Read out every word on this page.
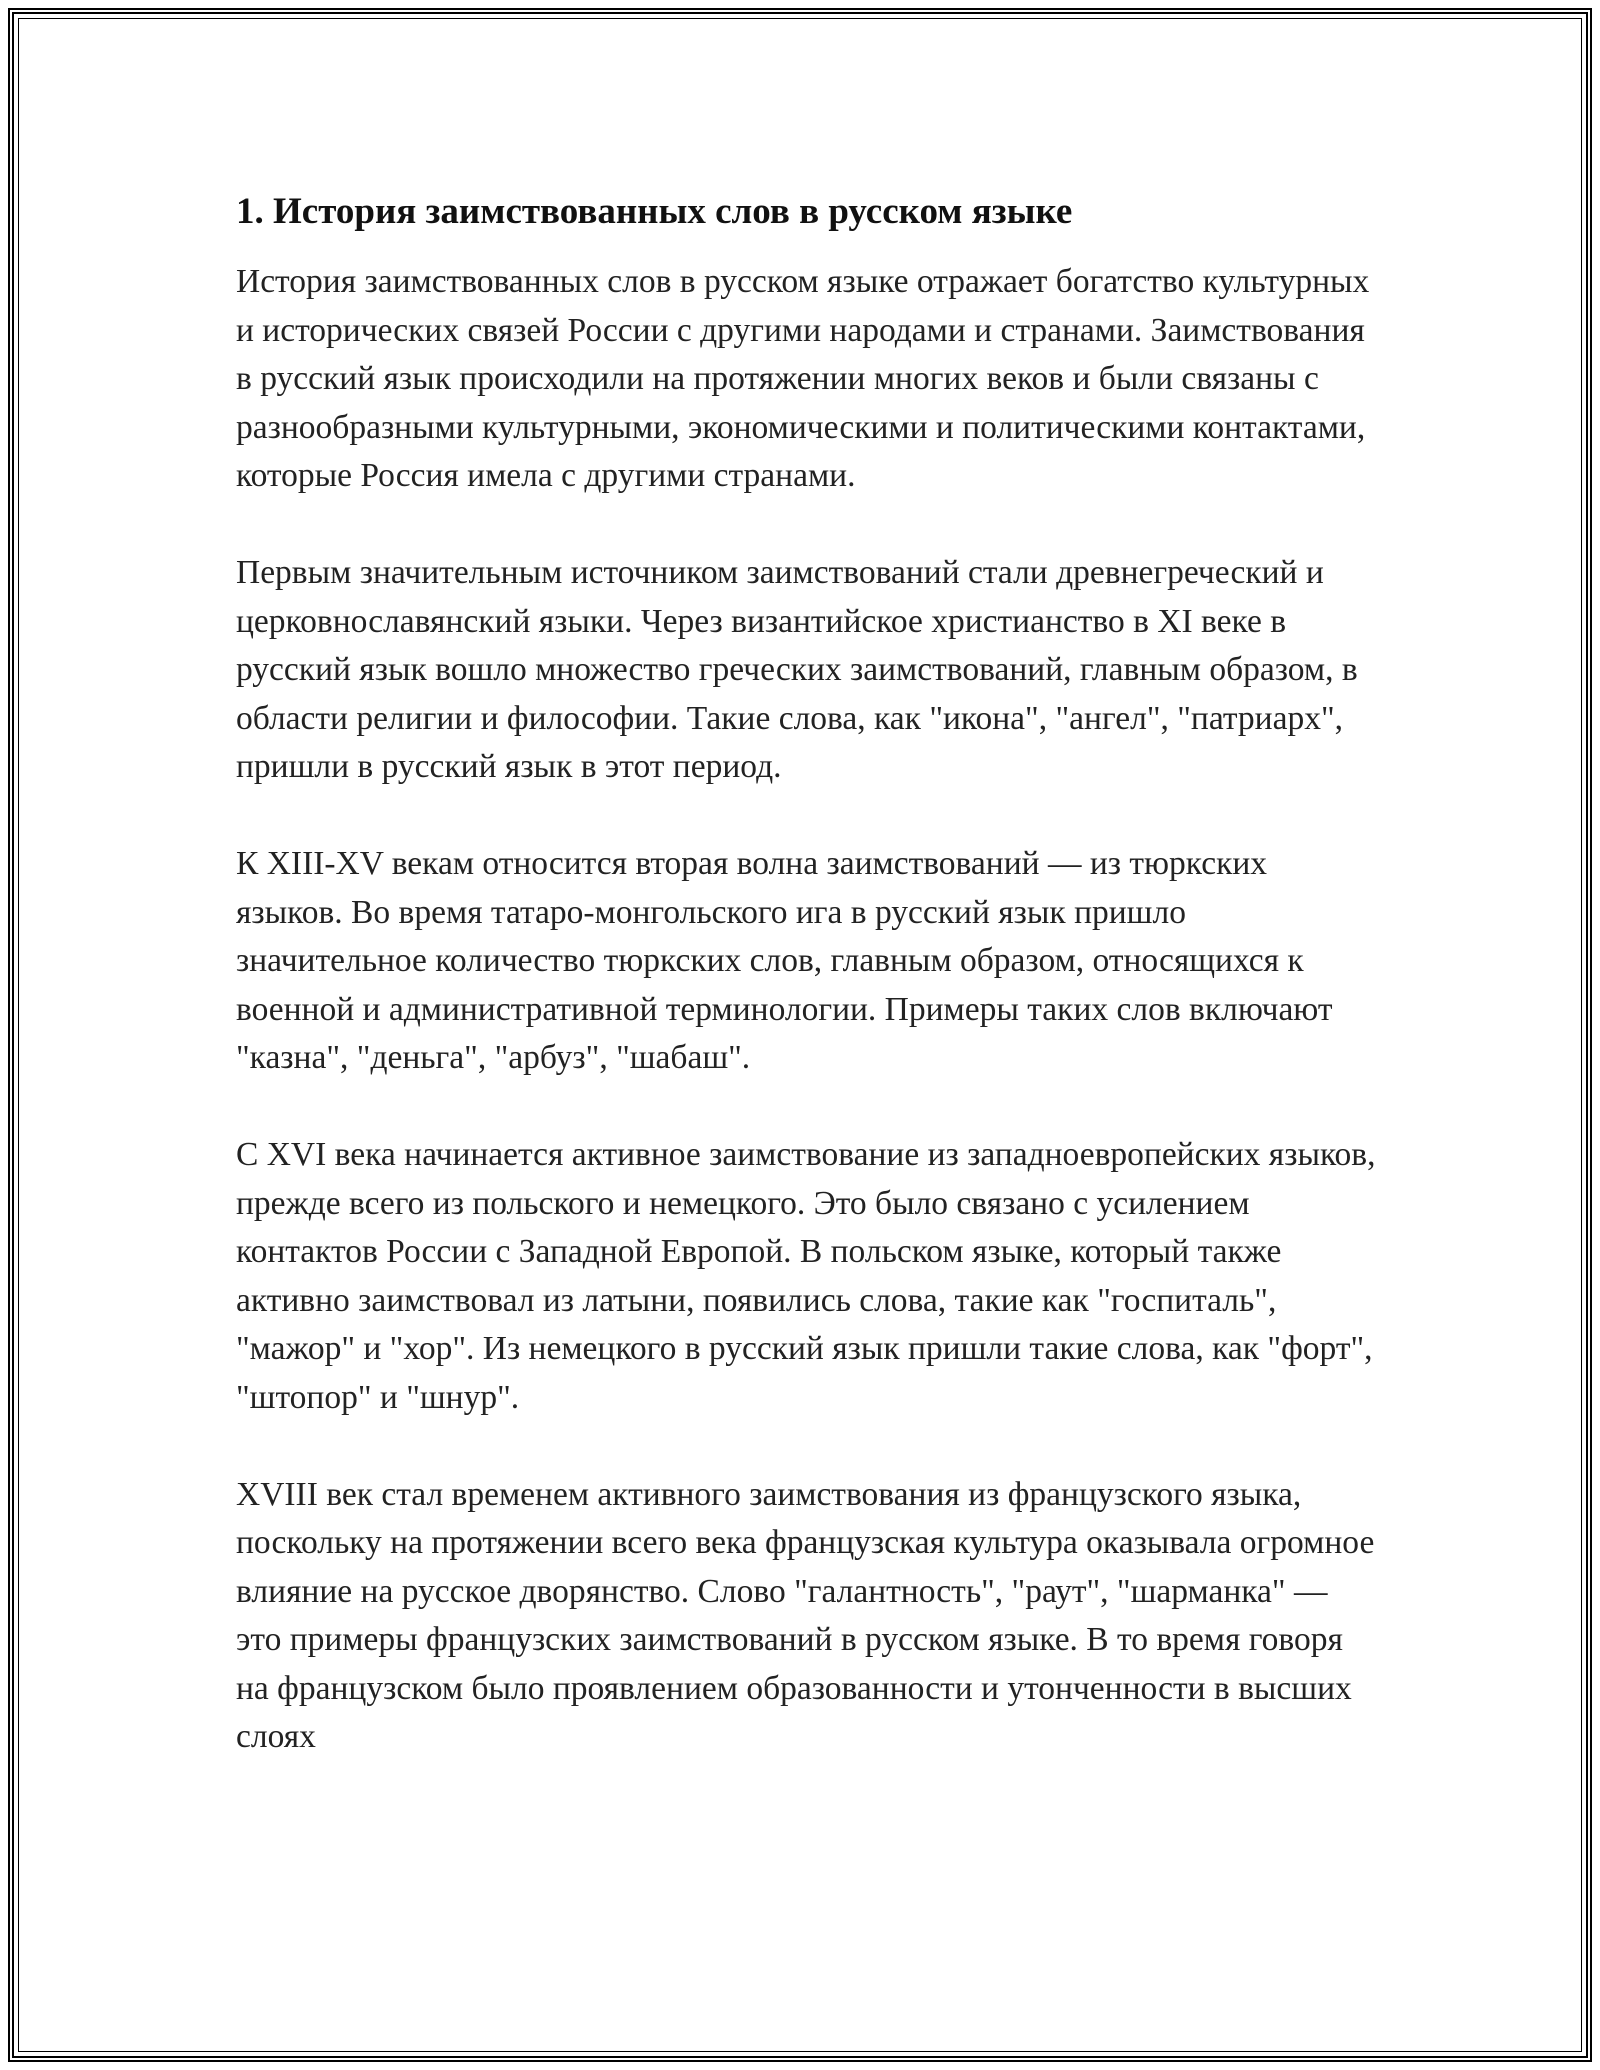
1. История заимствованных слов в русском языке

История заимствованных слов в русском языке отражает богатство культурных и исторических связей России с другими народами и странами. Заимствования в русский язык происходили на протяжении многих веков и были связаны с разнообразными культурными, экономическими и политическими контактами, которые Россия имела с другими странами.

Первым значительным источником заимствований стали древнегреческий и церковнославянский языки. Через византийское христианство в XI веке в русский язык вошло множество греческих заимствований, главным образом, в области религии и философии. Такие слова, как "икона", "ангел", "патриарх", пришли в русский язык в этот период.

К XIII-XV векам относится вторая волна заимствований — из тюркских языков. Во время татаро-монгольского ига в русский язык пришло значительное количество тюркских слов, главным образом, относящихся к военной и административной терминологии. Примеры таких слов включают "казна", "деньга", "арбуз", "шабаш".

С XVI века начинается активное заимствование из западноевропейских языков, прежде всего из польского и немецкого. Это было связано с усилением контактов России с Западной Европой. В польском языке, который также активно заимствовал из латыни, появились слова, такие как "госпиталь", "мажор" и "хор". Из немецкого в русский язык пришли такие слова, как "форт", "штопор" и "шнур".

XVIII век стал временем активного заимствования из французского языка, поскольку на протяжении всего века французская культура оказывала огромное влияние на русское дворянство. Слово "галантность", "раут", "шарманка" — это примеры французских заимствований в русском языке. В то время говоря на французском было проявлением образованности и утонченности в высших слоях
